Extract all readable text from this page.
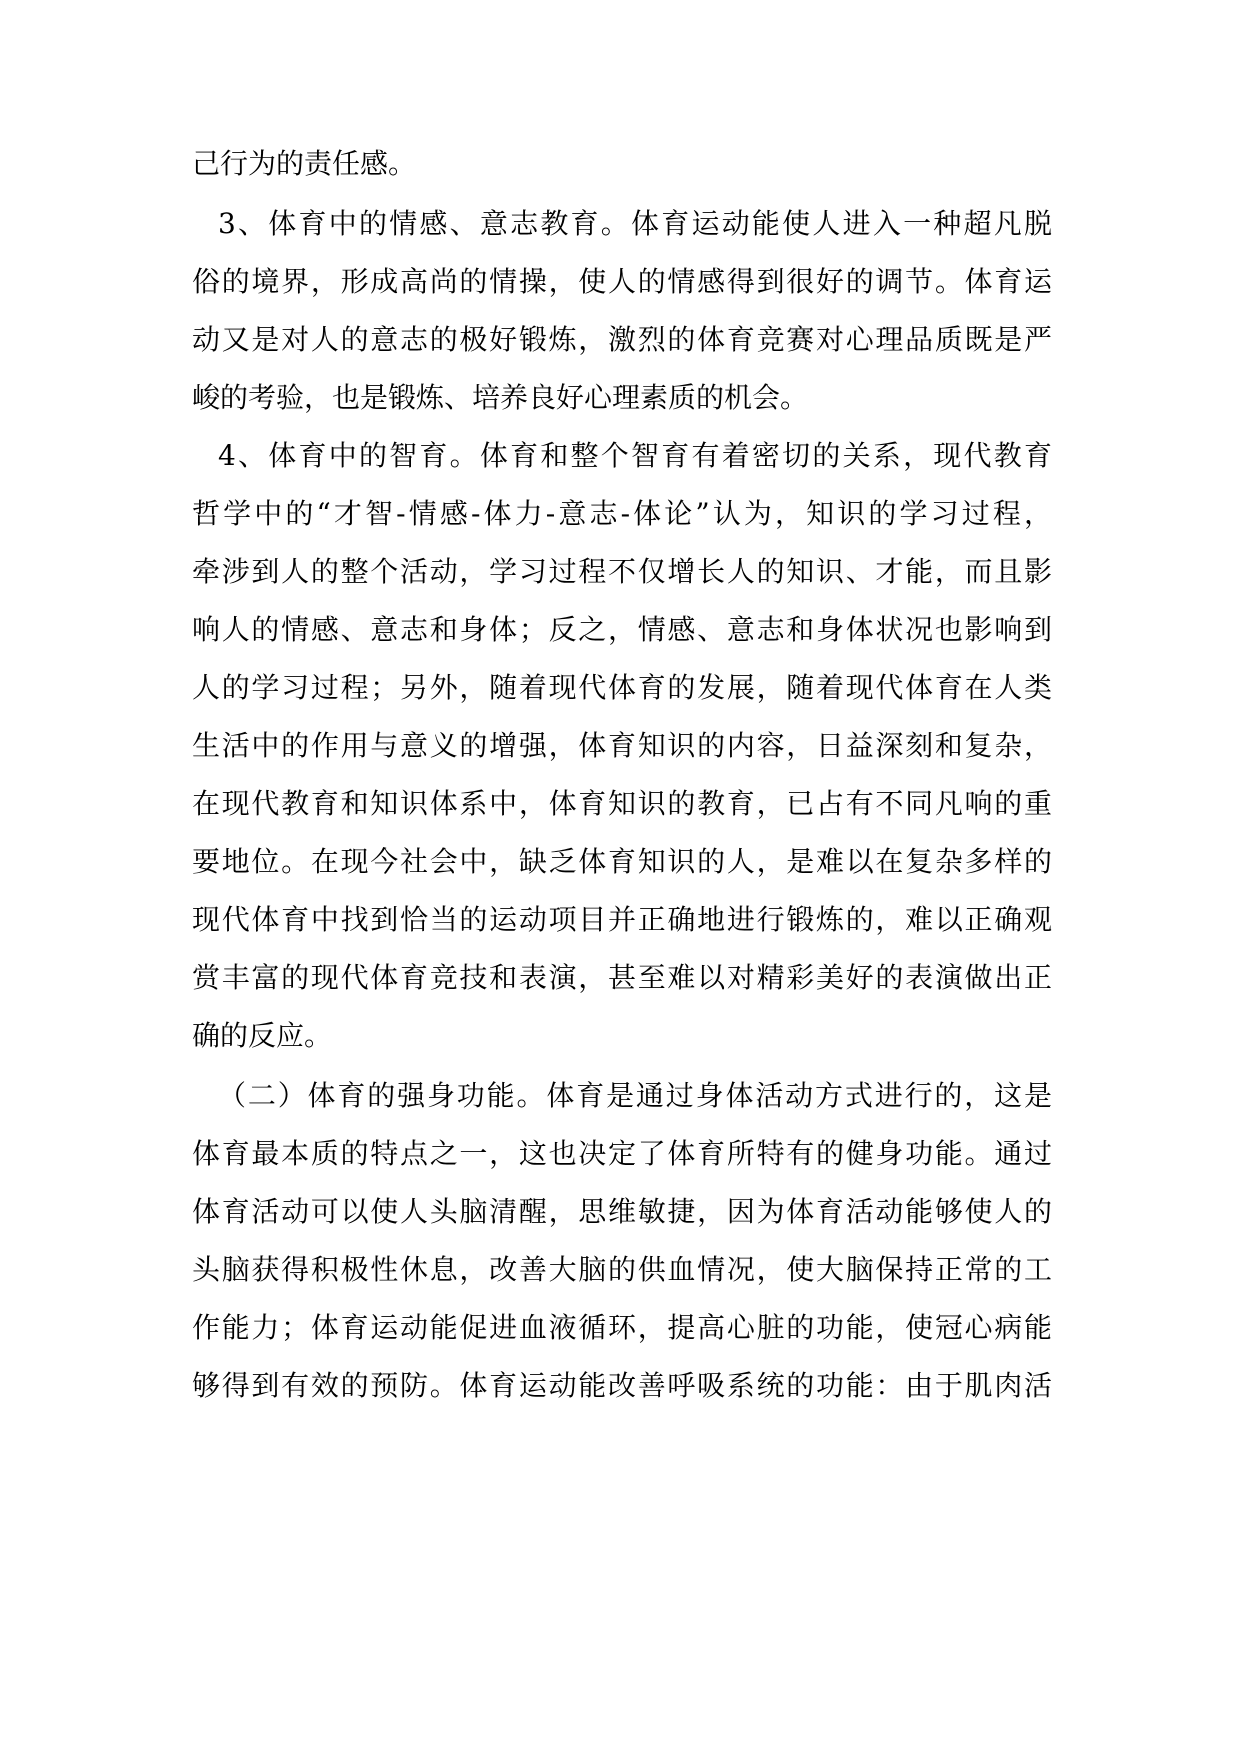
己行为的责任感。
3、体育中的情感、意志教育。体育运动能使人进入一种超凡脱
俗的境界，形成高尚的情操，使人的情感得到很好的调节。体育运
动又是对人的意志的极好锻炼，激烈的体育竞赛对心理品质既是严
峻的考验，也是锻炼、培养良好心理素质的机会。
4、体育中的智育。体育和整个智育有着密切的关系，现代教育
哲学中的“才智-情感-体力-意志-体论”认为，知识的学习过程，
牵涉到人的整个活动，学习过程不仅增长人的知识、才能，而且影
响人的情感、意志和身体；反之，情感、意志和身体状况也影响到
人的学习过程；另外，随着现代体育的发展，随着现代体育在人类
生活中的作用与意义的增强，体育知识的内容，日益深刻和复杂，
在现代教育和知识体系中，体育知识的教育，已占有不同凡响的重
要地位。在现今社会中，缺乏体育知识的人，是难以在复杂多样的
现代体育中找到恰当的运动项目并正确地进行锻炼的，难以正确观
赏丰富的现代体育竞技和表演，甚至难以对精彩美好的表演做出正
确的反应。
（二）体育的强身功能。体育是通过身体活动方式进行的，这是
体育最本质的特点之一，这也决定了体育所特有的健身功能。通过
体育活动可以使人头脑清醒，思维敏捷，因为体育活动能够使人的
头脑获得积极性休息，改善大脑的供血情况，使大脑保持正常的工
作能力；体育运动能促进血液循环，提高心脏的功能，使冠心病能
够得到有效的预防。体育运动能改善呼吸系统的功能：由于肌肉活
